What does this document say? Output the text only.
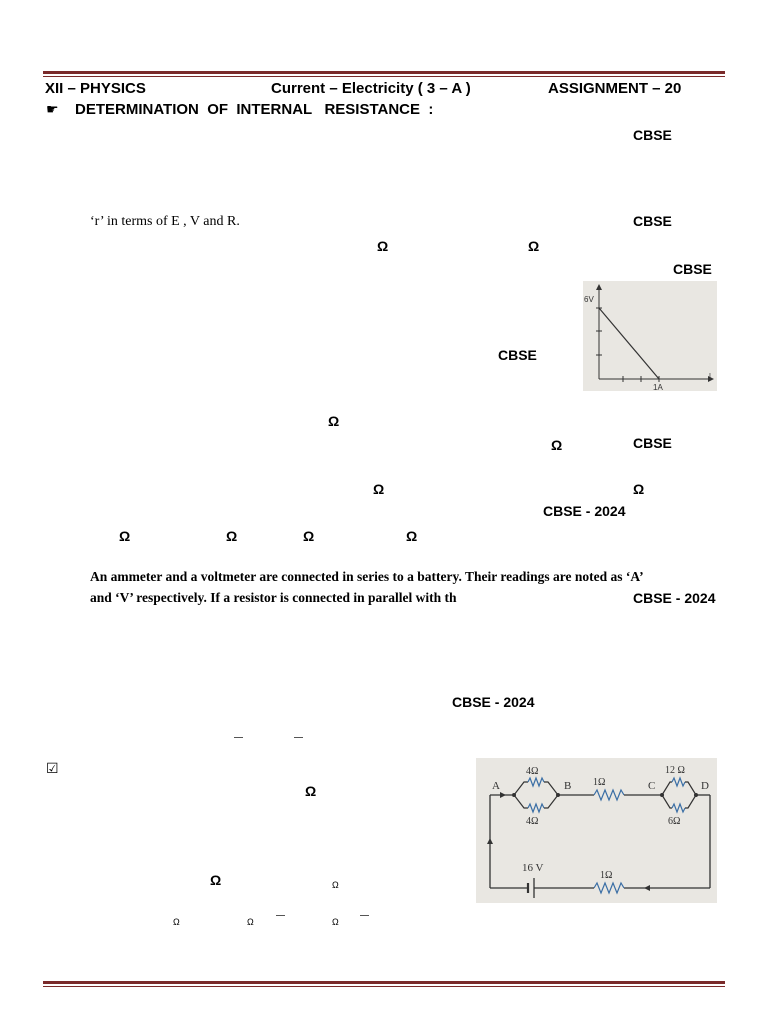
XII – PHYSICS	Current – Electricity ( 3 – A )	ASSIGNMENT – 20
☛ DETERMINATION  OF  INTERNAL   RESISTANCE  :
CBSE
‘r’ in terms of E , V and R.	CBSE
Ω	Ω
CBSE
6V
1A
I
CBSE
Ω
Ω	CBSE
Ω	Ω
CBSE - 2024
Ω	Ω	Ω	Ω
An ammeter and a voltmeter are connected in series to a battery. Their readings are noted as ‘A’
and ‘V’ respectively. If a resistor is connected in parallel with th	CBSE - 2024
CBSE - 2024
☑
Ω
Ω	Ω
Ω	Ω	Ω
A	B	C	D
4Ω
4Ω
1Ω
12 Ω
6Ω
16 V
1Ω
